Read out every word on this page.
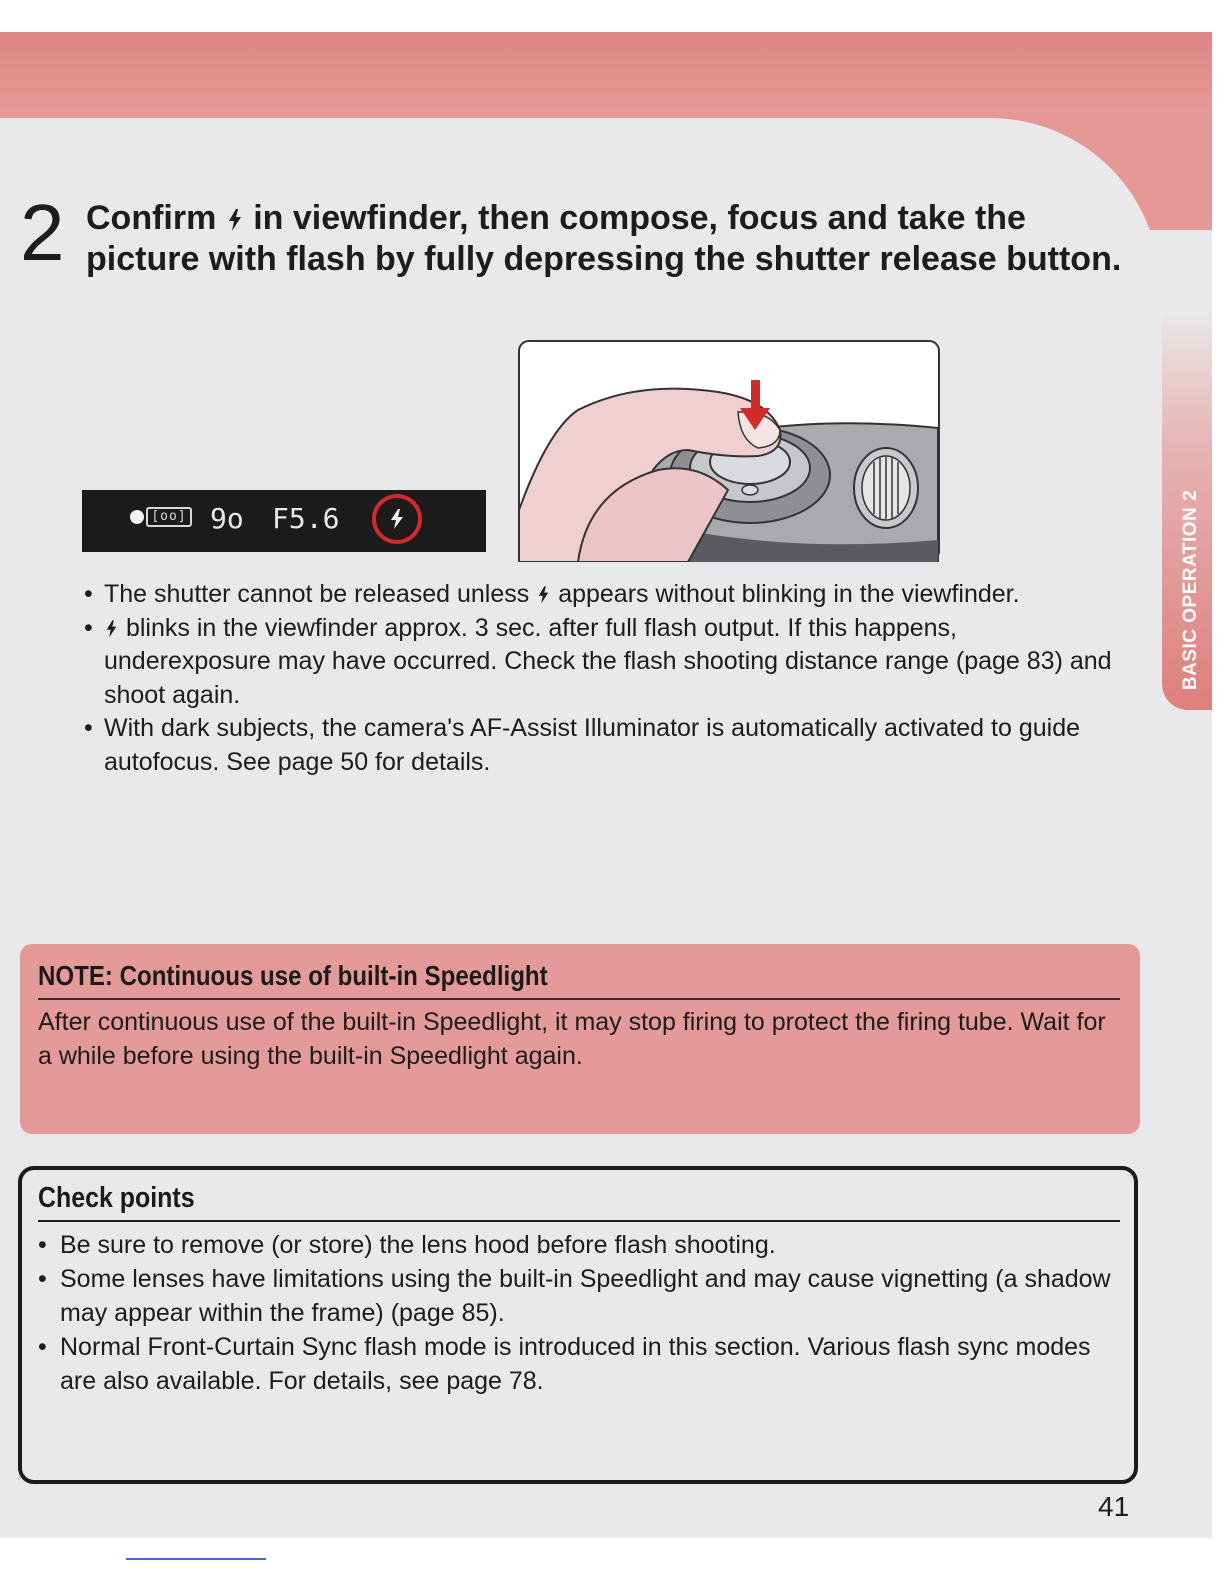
BASIC OPERATION 2
2 Confirm in viewfinder, then compose, focus and take the picture with flash by fully depressing the shutter release button.
[oo] 9o F5.6
• The shutter cannot be released unless appears without blinking in the viewfinder.
• blinks in the viewfinder approx. 3 sec. after full flash output. If this happens, underexposure may have occurred. Check the flash shooting distance range (page 83) and shoot again.
• With dark subjects, the camera's AF-Assist Illuminator is automatically activated to guide autofocus. See page 50 for details.
NOTE: Continuous use of built-in Speedlight
After continuous use of the built-in Speedlight, it may stop firing to protect the firing tube. Wait for a while before using the built-in Speedlight again.
Check points
• Be sure to remove (or store) the lens hood before flash shooting.
• Some lenses have limitations using the built-in Speedlight and may cause vignetting (a shadow may appear within the frame) (page 85).
• Normal Front-Curtain Sync flash mode is introduced in this section. Various flash sync modes are also available. For details, see page 78.
41
